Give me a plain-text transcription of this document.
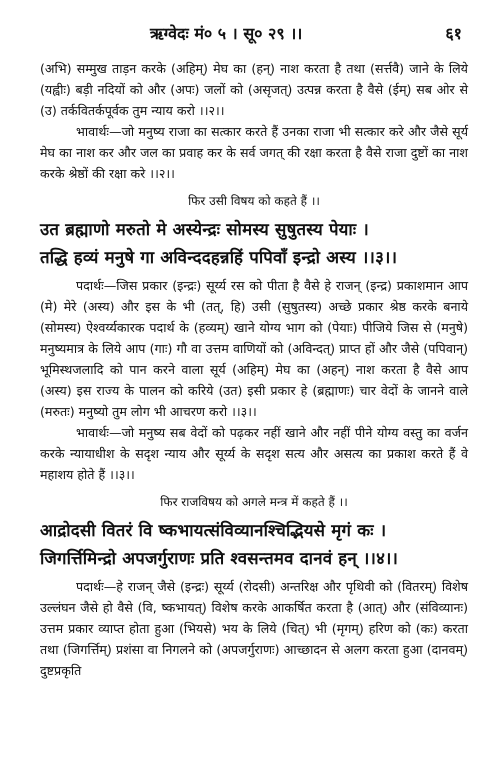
ऋग्वेदः मं० ५ । सू० २९ ।।	६१

(अभि) सम्मुख ताड़न करके (अहिम्) मेघ का (हन्) नाश करता है तथा (सर्त्तवै) जाने के लिये (यह्वीः) बड़ी नदियों को और (अपः) जलों को (असृजत्) उत्पन्न करता है वैसे (ईम्) सब ओर से (उ) तर्कवितर्कपूर्वक तुम न्याय करो ।।२।।

भावार्थः—जो मनुष्य राजा का सत्कार करते हैं उनका राजा भी सत्कार करे और जैसे सूर्य मेघ का नाश कर और जल का प्रवाह कर के सर्व जगत् की रक्षा करता है वैसे राजा दुष्टों का नाश करके श्रेष्ठों की रक्षा करे ।।२।।

फिर उसी विषय को कहते हैं ।।
उत ब्रह्माणो मरुतो मे अस्येन्द्रः सोमस्य सुषुतस्य पेयाः ।
तद्धि हव्यं मनुषे गा अविन्ददहन्नहिं पपिवाँ इन्द्रो अस्य ।।३।।

पदार्थः—जिस प्रकार (इन्द्रः) सूर्य्य रस को पीता है वैसे हे राजन् (इन्द्र) प्रकाशमान आप (मे) मेरे (अस्य) और इस के भी (तत्, हि) उसी (सुषुतस्य) अच्छे प्रकार श्रेष्ठ करके बनाये (सोमस्य) ऐश्वर्य्यकारक पदार्थ के (हव्यम्) खाने योग्य भाग को (पेयाः) पीजिये जिस से (मनुषे) मनुष्यमात्र के लिये आप (गाः) गौ वा उत्तम वाणियों को (अविन्दत्) प्राप्त हों और जैसे (पपिवान्) भूमिस्थजलादि को पान करने वाला सूर्य (अहिम्) मेघ का (अहन्) नाश करता है वैसे आप (अस्य) इस राज्य के पालन को करिये (उत) इसी प्रकार हे (ब्रह्माणः) चार वेदों के जानने वाले (मरुतः) मनुष्यो तुम लोग भी आचरण करो ।।३।।

भावार्थः—जो मनुष्य सब वेदों को पढ़कर नहीं खाने और नहीं पीने योग्य वस्तु का वर्जन करके न्यायाधीश के सदृश न्याय और सूर्य्य के सदृश सत्य और असत्य का प्रकाश करते हैं वे महाशय होते हैं ।।३।।

फिर राजविषय को अगले मन्त्र में कहते हैं ।।
आद्रोदसी वितरं वि ष्कभायत्संविव्यानश्चिद्भियसे मृगं कः ।
जिगर्त्तिमिन्द्रो अपजर्गुराणः प्रति श्वसन्तमव दानवं हन् ।।४।।

पदार्थः—हे राजन् जैसे (इन्द्रः) सूर्य्य (रोदसी) अन्तरिक्ष और पृथिवी को (वितरम्) विशेष उल्लंघन जैसे हो वैसे (वि, ष्कभायत्) विशेष करके आकर्षित करता है (आत्) और (संविव्यानः) उत्तम प्रकार व्याप्त होता हुआ (भियसे) भय के लिये (चित्) भी (मृगम्) हरिण को (कः) करता तथा (जिगर्त्तिम्) प्रशंसा वा निगलने को (अपजर्गुराणः) आच्छादन से अलग करता हुआ (दानवम्) दुष्टप्रकृति
